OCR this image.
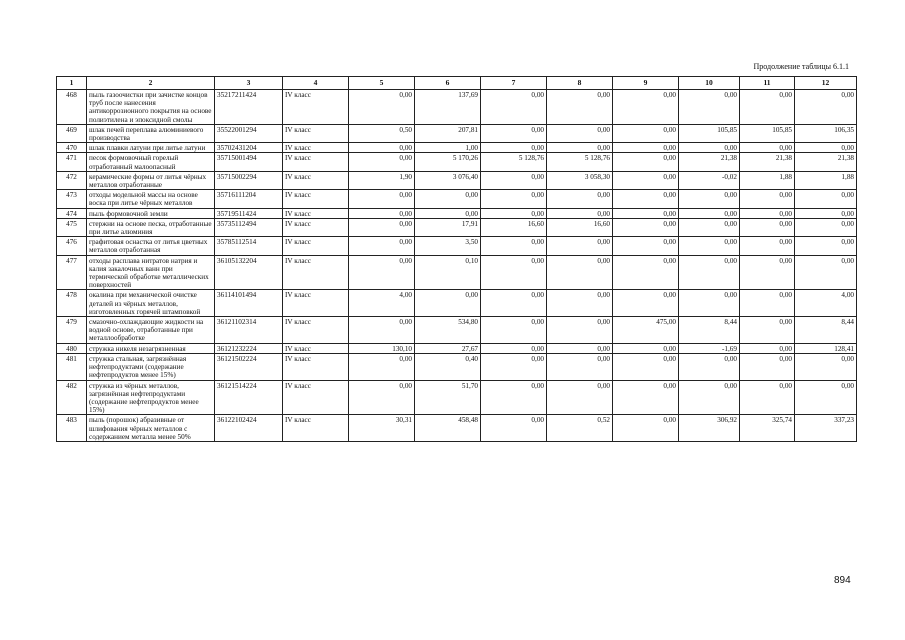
Продолжение таблицы 6.1.1
1	2	3	4	5	6	7	8	9	10	11	12
468	пыль газоочистки при зачистке концов труб после нанесения антикоррозионного покрытия на основе полиэтилена и эпоксидной смолы	35217211424	IV класс	0,00	137,69	0,00	0,00	0,00	0,00	0,00	0,00
469	шлак печей переплава алюминиевого производства	35522001294	IV класс	0,50	207,81	0,00	0,00	0,00	105,85	105,85	106,35
470	шлак плавки латуни при литье латуни	35702431204	IV класс	0,00	1,00	0,00	0,00	0,00	0,00	0,00	0,00
471	песок формовочный горелый отработанный малоопасный	35715001494	IV класс	0,00	5 170,26	5 128,76	5 128,76	0,00	21,38	21,38	21,38
472	керамические формы от литья чёрных металлов отработанные	35715002294	IV класс	1,90	3 076,40	0,00	3 058,30	0,00	-0,02	1,88	1,88
473	отходы модельной массы на основе воска при литье чёрных металлов	35716111204	IV класс	0,00	0,00	0,00	0,00	0,00	0,00	0,00	0,00
474	пыль формовочной земли	35719511424	IV класс	0,00	0,00	0,00	0,00	0,00	0,00	0,00	0,00
475	стержни на основе песка, отработанные при литье алюминия	35735112494	IV класс	0,00	17,91	16,60	16,60	0,00	0,00	0,00	0,00
476	графитовая оснастка от литья цветных металлов отработанная	35785112514	IV класс	0,00	3,50	0,00	0,00	0,00	0,00	0,00	0,00
477	отходы расплава нитратов натрия и калия закалочных ванн при термической обработке металлических поверхностей	36105132204	IV класс	0,00	0,10	0,00	0,00	0,00	0,00	0,00	0,00
478	окалина при механической очистке деталей из чёрных металлов, изготовленных горячей штамповкой	36114101494	IV класс	4,00	0,00	0,00	0,00	0,00	0,00	0,00	4,00
479	смазочно-охлаждающие жидкости на водной основе, отработанные при металлообработке	36121102314	IV класс	0,00	534,80	0,00	0,00	475,00	8,44	0,00	8,44
480	стружка никеля незагрязненная	36121232224	IV класс	130,10	27,67	0,00	0,00	0,00	-1,69	0,00	128,41
481	стружка стальная, загрязнённая нефтепродуктами (содержание нефтепродуктов менее 15%)	36121502224	IV класс	0,00	0,40	0,00	0,00	0,00	0,00	0,00	0,00
482	стружка из чёрных металлов, загрязнённая нефтепродуктами (содержание нефтепродуктов менее 15%)	36121514224	IV класс	0,00	51,70	0,00	0,00	0,00	0,00	0,00	0,00
483	пыль (порошок) абразивные от шлифования чёрных металлов с содержанием металла менее 50%	36122102424	IV класс	30,31	458,48	0,00	0,52	0,00	306,92	325,74	337,23
894
